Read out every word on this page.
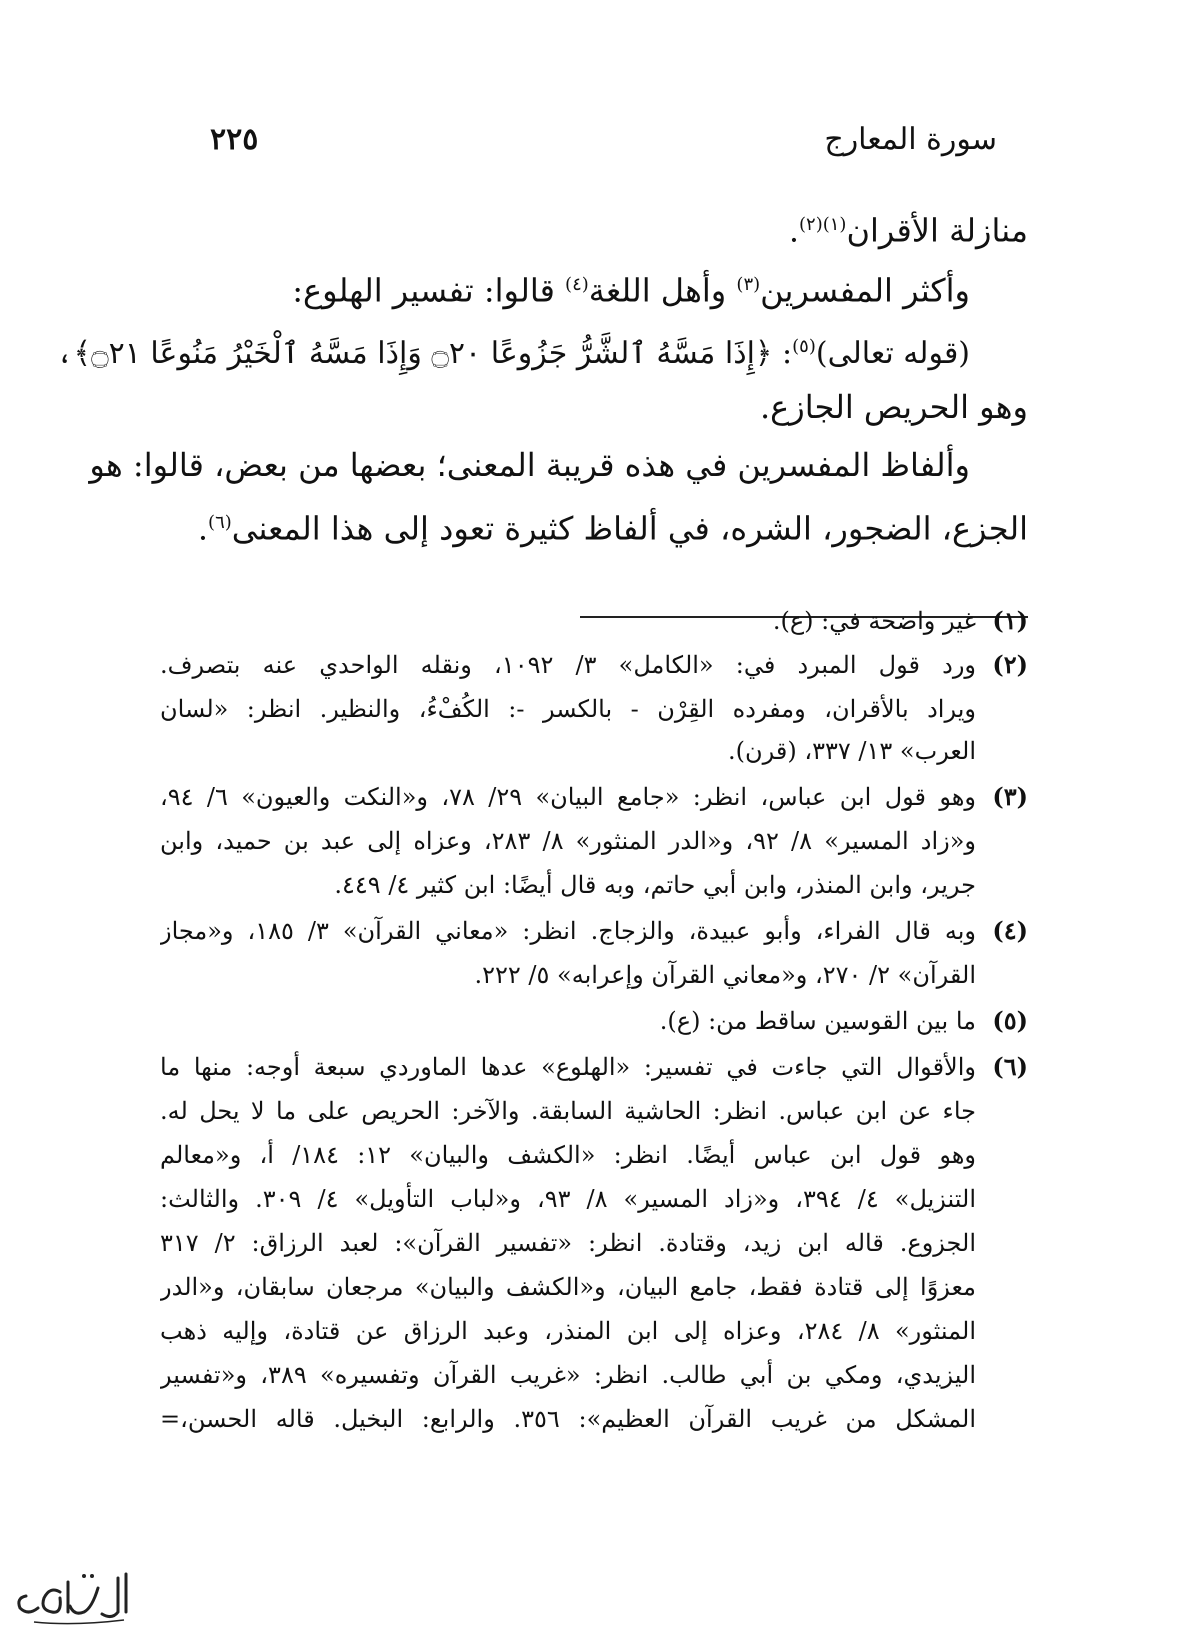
سورة المعارج
٢٢٥
منازلة الأقران$^{(١)(٢)}$.
وأكثر المفسرين$^{(٣)}$ وأهل اللغة$^{(٤)}$ قالوا: تفسير الهلوع:
(قوله تعالى)$^{(٥)}$: ﴿إِذَا مَسَّهُ ٱلشَّرُّ جَزُوعًا ۝٢٠ وَإِذَا مَسَّهُ ٱلْخَيْرُ مَنُوعًا ۝٢١﴾،
وهو الحريص الجازع.
وألفاظ المفسرين في هذه قريبة المعنى؛ بعضها من بعض، قالوا: هو
الجزع، الضجور، الشره، في ألفاظ كثيرة تعود إلى هذا المعنى$^{(٦)}$.
(١)
غير واضحة في: (ع).
(٢)
ورد قول المبرد في: «الكامل» ٣/ ١٠٩٢، ونقله الواحدي عنه بتصرف.
ويراد بالأقران، ومفرده القِرْن - بالكسر -: الكُفْءُ، والنظير. انظر: «لسان
العرب» ١٣/ ٣٣٧، (قرن).
(٣)
وهو قول ابن عباس، انظر: «جامع البيان» ٢٩/ ٧٨، و«النكت والعيون» ٦/ ٩٤،
و«زاد المسير» ٨/ ٩٢، و«الدر المنثور» ٨/ ٢٨٣، وعزاه إلى عبد بن حميد، وابن
جرير، وابن المنذر، وابن أبي حاتم، وبه قال أيضًا: ابن كثير ٤/ ٤٤٩.
(٤)
وبه قال الفراء، وأبو عبيدة، والزجاج. انظر: «معاني القرآن» ٣/ ١٨٥، و«مجاز
القرآن» ٢/ ٢٧٠، و«معاني القرآن وإعرابه» ٥/ ٢٢٢.
(٥)
ما بين القوسين ساقط من: (ع).
(٦)
والأقوال التي جاءت في تفسير: «الهلوع» عدها الماوردي سبعة أوجه: منها ما
جاء عن ابن عباس. انظر: الحاشية السابقة. والآخر: الحريص على ما لا يحل له.
وهو قول ابن عباس أيضًا. انظر: «الكشف والبيان» ١٢: ١٨٤/ أ، و«معالم
التنزيل» ٤/ ٣٩٤، و«زاد المسير» ٨/ ٩٣، و«لباب التأويل» ٤/ ٣٠٩. والثالث:
الجزوع. قاله ابن زيد، وقتادة. انظر: «تفسير القرآن»: لعبد الرزاق: ٢/ ٣١٧
معزوًا إلى قتادة فقط، جامع البيان، و«الكشف والبيان» مرجعان سابقان، و«الدر
المنثور» ٨/ ٢٨٤، وعزاه إلى ابن المنذر، وعبد الرزاق عن قتادة، وإليه ذهب
اليزيدي، ومكي بن أبي طالب. انظر: «غريب القرآن وتفسيره» ٣٨٩، و«تفسير
المشكل من غريب القرآن العظيم»: ٣٥٦. والرابع: البخيل. قاله الحسن،=
